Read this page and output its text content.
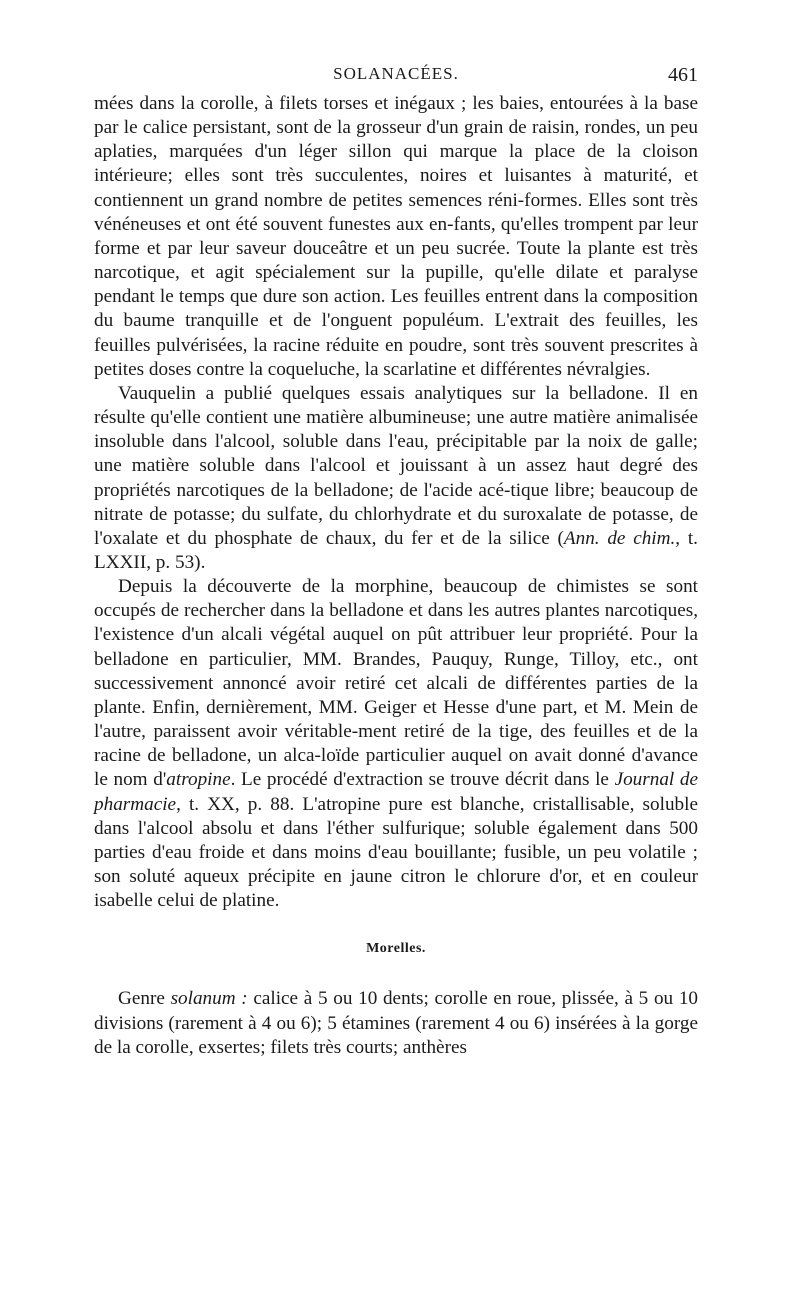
SOLANACÉES.	461

mées dans la corolle, à filets torses et inégaux ; les baies, entourées à la base par le calice persistant, sont de la grosseur d'un grain de raisin, rondes, un peu aplaties, marquées d'un léger sillon qui marque la place de la cloison intérieure; elles sont très succulentes, noires et luisantes à maturité, et contiennent un grand nombre de petites semences réni-formes. Elles sont très vénéneuses et ont été souvent funestes aux en-fants, qu'elles trompent par leur forme et par leur saveur douceâtre et un peu sucrée. Toute la plante est très narcotique, et agit spécialement sur la pupille, qu'elle dilate et paralyse pendant le temps que dure son action. Les feuilles entrent dans la composition du baume tranquille et de l'onguent populéum. L'extrait des feuilles, les feuilles pulvérisées, la racine réduite en poudre, sont très souvent prescrites à petites doses contre la coqueluche, la scarlatine et différentes névralgies.

Vauquelin a publié quelques essais analytiques sur la belladone. Il en résulte qu'elle contient une matière albumineuse; une autre matière animalisée insoluble dans l'alcool, soluble dans l'eau, précipitable par la noix de galle; une matière soluble dans l'alcool et jouissant à un assez haut degré des propriétés narcotiques de la belladone; de l'acide acé-tique libre; beaucoup de nitrate de potasse; du sulfate, du chlorhydrate et du suroxalate de potasse, de l'oxalate et du phosphate de chaux, du fer et de la silice (Ann. de chim., t. LXXII, p. 53).

Depuis la découverte de la morphine, beaucoup de chimistes se sont occupés de rechercher dans la belladone et dans les autres plantes narcotiques, l'existence d'un alcali végétal auquel on pût attribuer leur propriété. Pour la belladone en particulier, MM. Brandes, Pauquy, Runge, Tilloy, etc., ont successivement annoncé avoir retiré cet alcali de différentes parties de la plante. Enfin, dernièrement, MM. Geiger et Hesse d'une part, et M. Mein de l'autre, paraissent avoir véritable-ment retiré de la tige, des feuilles et de la racine de belladone, un alca-loïde particulier auquel on avait donné d'avance le nom d'atropine. Le procédé d'extraction se trouve décrit dans le Journal de pharmacie, t. XX, p. 88. L'atropine pure est blanche, cristallisable, soluble dans l'alcool absolu et dans l'éther sulfurique; soluble également dans 500 parties d'eau froide et dans moins d'eau bouillante; fusible, un peu volatile ; son soluté aqueux précipite en jaune citron le chlorure d'or, et en couleur isabelle celui de platine.

Morelles.

Genre solanum : calice à 5 ou 10 dents; corolle en roue, plissée, à 5 ou 10 divisions (rarement à 4 ou 6); 5 étamines (rarement 4 ou 6) insérées à la gorge de la corolle, exsertes; filets très courts; anthères
